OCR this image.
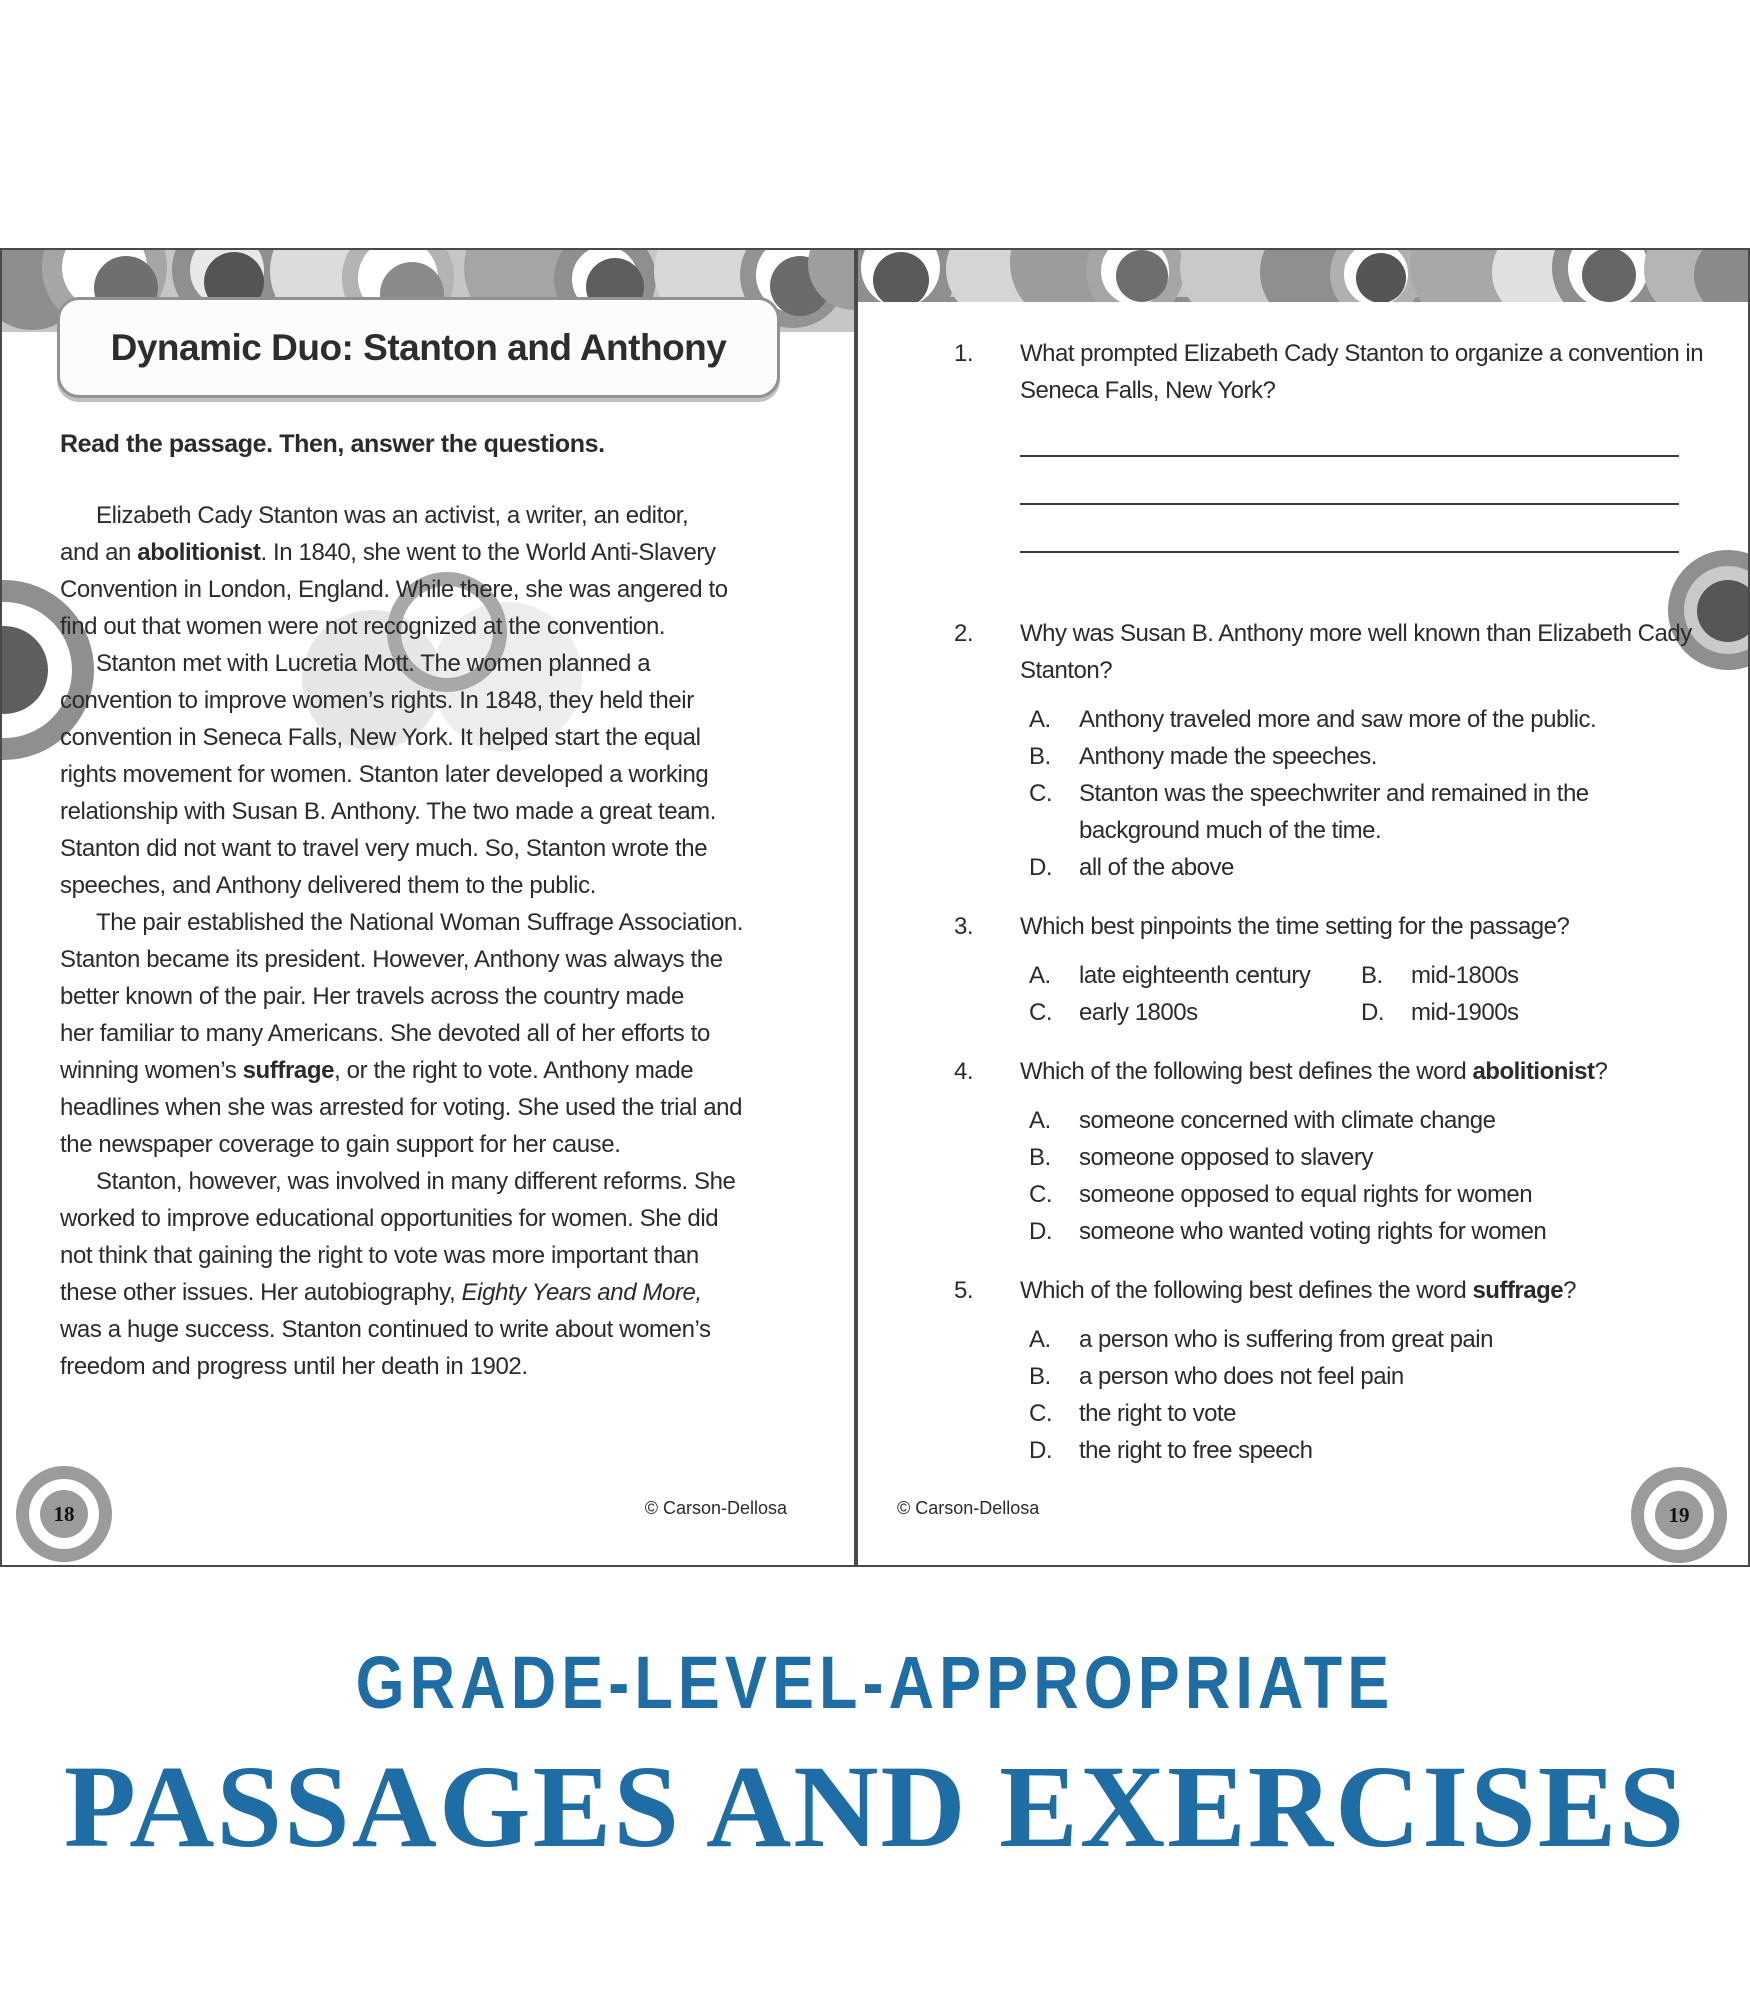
Dynamic Duo: Stanton and Anthony
Read the passage. Then, answer the questions.
Elizabeth Cady Stanton was an activist, a writer, an editor,
and an abolitionist. In 1840, she went to the World Anti-Slavery
Convention in London, England. While there, she was angered to
find out that women were not recognized at the convention.
Stanton met with Lucretia Mott. The women planned a
convention to improve women’s rights. In 1848, they held their
convention in Seneca Falls, New York. It helped start the equal
rights movement for women. Stanton later developed a working
relationship with Susan B. Anthony. The two made a great team.
Stanton did not want to travel very much. So, Stanton wrote the
speeches, and Anthony delivered them to the public.
The pair established the National Woman Suffrage Association.
Stanton became its president. However, Anthony was always the
better known of the pair. Her travels across the country made
her familiar to many Americans. She devoted all of her efforts to
winning women’s suffrage, or the right to vote. Anthony made
headlines when she was arrested for voting. She used the trial and
the newspaper coverage to gain support for her cause.
Stanton, however, was involved in many different reforms. She
worked to improve educational opportunities for women. She did
not think that gaining the right to vote was more important than
these other issues. Her autobiography, Eighty Years and More,
was a huge success. Stanton continued to write about women’s
freedom and progress until her death in 1902.
1.	What prompted Elizabeth Cady Stanton to organize a convention in Seneca Falls, New York?
2.	Why was Susan B. Anthony more well known than Elizabeth Cady Stanton?
A.	Anthony traveled more and saw more of the public.
B.	Anthony made the speeches.
C.	Stanton was the speechwriter and remained in the background much of the time.
D.	all of the above
3.	Which best pinpoints the time setting for the passage?
A.	late eighteenth century	B.	mid-1800s
C.	early 1800s	D.	mid-1900s
4.	Which of the following best defines the word abolitionist?
A.	someone concerned with climate change
B.	someone opposed to slavery
C.	someone opposed to equal rights for women
D.	someone who wanted voting rights for women
5.	Which of the following best defines the word suffrage?
A.	a person who is suffering from great pain
B.	a person who does not feel pain
C.	the right to vote
D.	the right to free speech
© Carson-Dellosa	© Carson-Dellosa
18	19
GRADE-LEVEL-APPROPRIATE
PASSAGES AND EXERCISES
